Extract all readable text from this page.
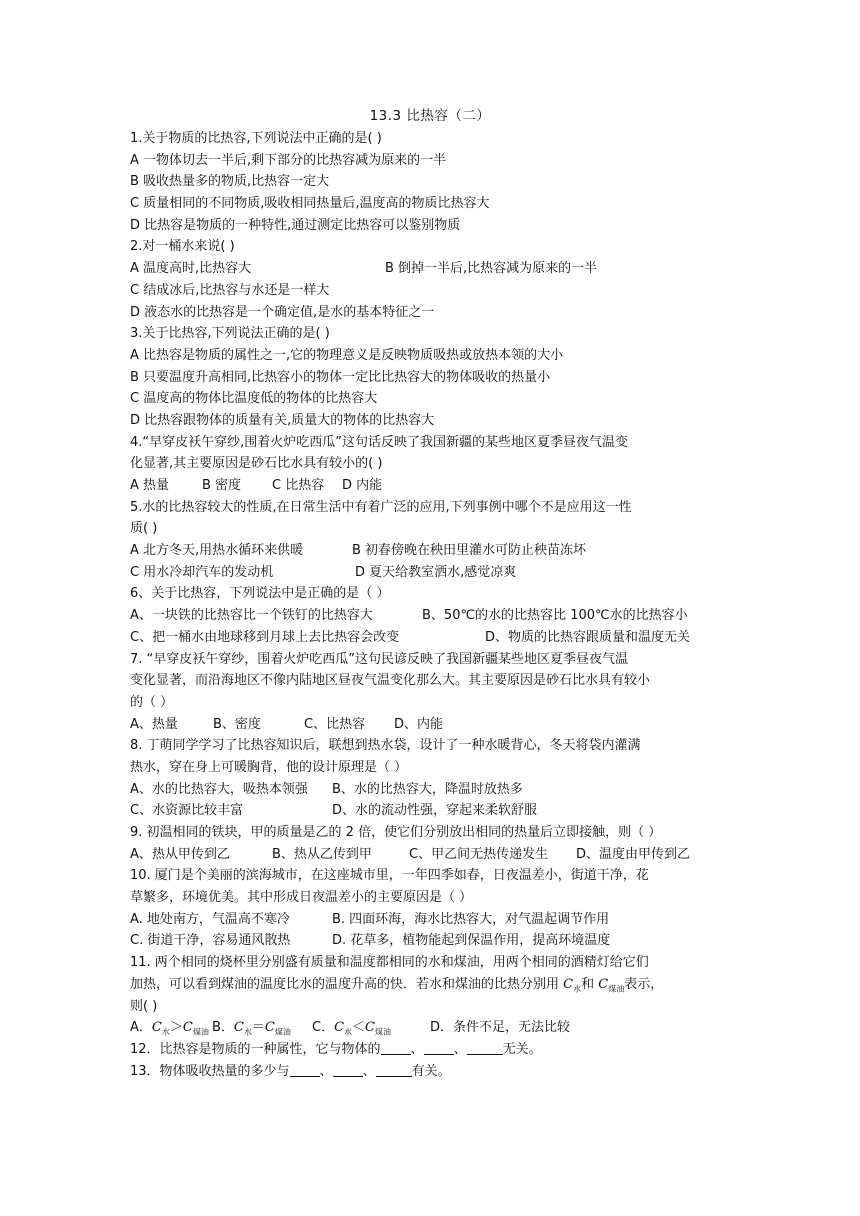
13.3 比热容（二）
1.关于物质的比热容,下列说法中正确的是( )
A 一物体切去一半后,剩下部分的比热容减为原来的一半
B 吸收热量多的物质,比热容一定大
C 质量相同的不同物质,吸收相同热量后,温度高的物质比热容大
D 比热容是物质的一种特性,通过测定比热容可以鉴别物质
2.对一桶水来说( )
A 温度高时,比热容大	B 倒掉一半后,比热容减为原来的一半
C 结成冰后,比热容与水还是一样大
D 液态水的比热容是一个确定值,是水的基本特征之一
3.关于比热容,下列说法正确的是( )
A 比热容是物质的属性之一,它的物理意义是反映物质吸热或放热本领的大小
B 只要温度升高相同,比热容小的物体一定比比热容大的物体吸收的热量小
C 温度高的物体比温度低的物体的比热容大
D 比热容跟物体的质量有关,质量大的物体的比热容大
4.“早穿皮袄午穿纱,围着火炉吃西瓜”这句话反映了我国新疆的某些地区夏季昼夜气温变
化显著,其主要原因是砂石比水具有较小的( )
A 热量	B 密度	C 比热容	D 内能
5.水的比热容较大的性质,在日常生活中有着广泛的应用,下列事例中哪个不是应用这一性
质( )
A 北方冬天,用热水循环来供暖	B 初春傍晚在秧田里灌水可防止秧苗冻坏
C 用水冷却汽车的发动机	D 夏天给教室洒水,感觉凉爽
6、关于比热容，下列说法中是正确的是（ ）
A、一块铁的比热容比一个铁钉的比热容大	B、50℃的水的比热容比 100℃水的比热容小
C、把一桶水由地球移到月球上去比热容会改变	D、物质的比热容跟质量和温度无关
7. “早穿皮袄午穿纱，围着火炉吃西瓜”这句民谚反映了我国新疆某些地区夏季昼夜气温
变化显著，而沿海地区不像内陆地区昼夜气温变化那么大。其主要原因是砂石比水具有较小
的（ ）
A、热量	B、密度	C、比热容	D、内能
8. 丁萌同学学习了比热容知识后，联想到热水袋，设计了一种水暖背心，冬天将袋内灌满
热水，穿在身上可暖胸背，他的设计原理是（ ）
A、水的比热容大，吸热本领强	B、水的比热容大，降温时放热多
C、水资源比较丰富	D、水的流动性强，穿起来柔软舒服
9. 初温相同的铁块，甲的质量是乙的 2 倍，使它们分别放出相同的热量后立即接触，则（ ）
A、热从甲传到乙	B、热从乙传到甲	C、甲乙间无热传递发生	D、温度由甲传到乙
10. 厦门是个美丽的滨海城市，在这座城市里，一年四季如春，日夜温差小，街道干净，花
草繁多，环境优美。其中形成日夜温差小的主要原因是（ ）
A. 地处南方，气温高不寒冷	B. 四面环海，海水比热容大，对气温起调节作用
C. 街道干净，容易通风散热	D. 花草多，植物能起到保温作用，提高环境温度
11. 两个相同的烧杯里分别盛有质量和温度都相同的水和煤油，用两个相同的酒精灯给它们
加热，可以看到煤油的温度比水的温度升高的快．若水和煤油的比热分别用 $C_水$和 $C_{煤油}$表示，
则( )
A．$C_水>C_{煤油}$ B．$C_水=C_{煤油}$	C．$C_水<C_{煤油}$	D．条件不足，无法比较
12．比热容是物质的一种属性，它与物体的 、 、	无关。
13．物体吸收热量的多少与 、 、	有关。
